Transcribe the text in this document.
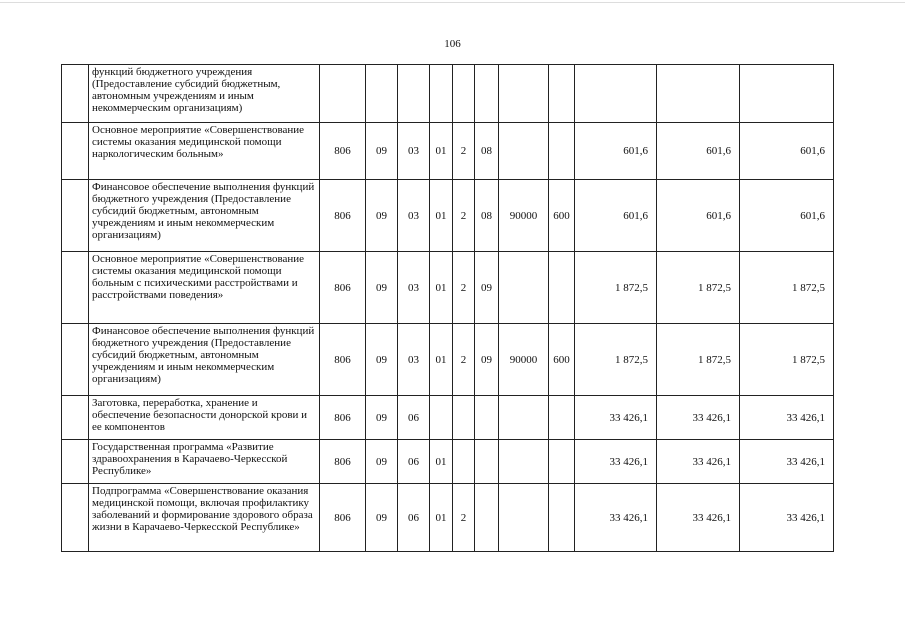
106
	функций бюджетного учреждения (Предоставление субсидий бюджетным, автономным учреждениям и иным некоммерческим организациям)											
	Основное мероприятие «Совершенствование системы оказания медицинской помощи наркологическим больным»	806	09	03	01	2	08			601,6	601,6	601,6
	Финансовое обеспечение выполнения функций бюджетного учреждения (Предоставление субсидий бюджетным, автономным учреждениям и иным некоммерческим организациям)	806	09	03	01	2	08	90000	600	601,6	601,6	601,6
	Основное мероприятие «Совершенствование системы оказания медицинской помощи больным с психическими расстройствами и расстройствами поведения»	806	09	03	01	2	09			1 872,5	1 872,5	1 872,5
	Финансовое обеспечение выполнения функций бюджетного учреждения (Предоставление субсидий бюджетным, автономным учреждениям и иным некоммерческим организациям)	806	09	03	01	2	09	90000	600	1 872,5	1 872,5	1 872,5
	Заготовка, переработка, хранение и обеспечение безопасности донорской крови и ее компонентов	806	09	06						33 426,1	33 426,1	33 426,1
	Государственная программа «Развитие здравоохранения в Карачаево-Черкесской Республике»	806	09	06	01					33 426,1	33 426,1	33 426,1
	Подпрограмма «Совершенствование оказания медицинской помощи, включая профилактику заболеваний и формирование здорового образа жизни в Карачаево-Черкесской Республике»	806	09	06	01	2				33 426,1	33 426,1	33 426,1
